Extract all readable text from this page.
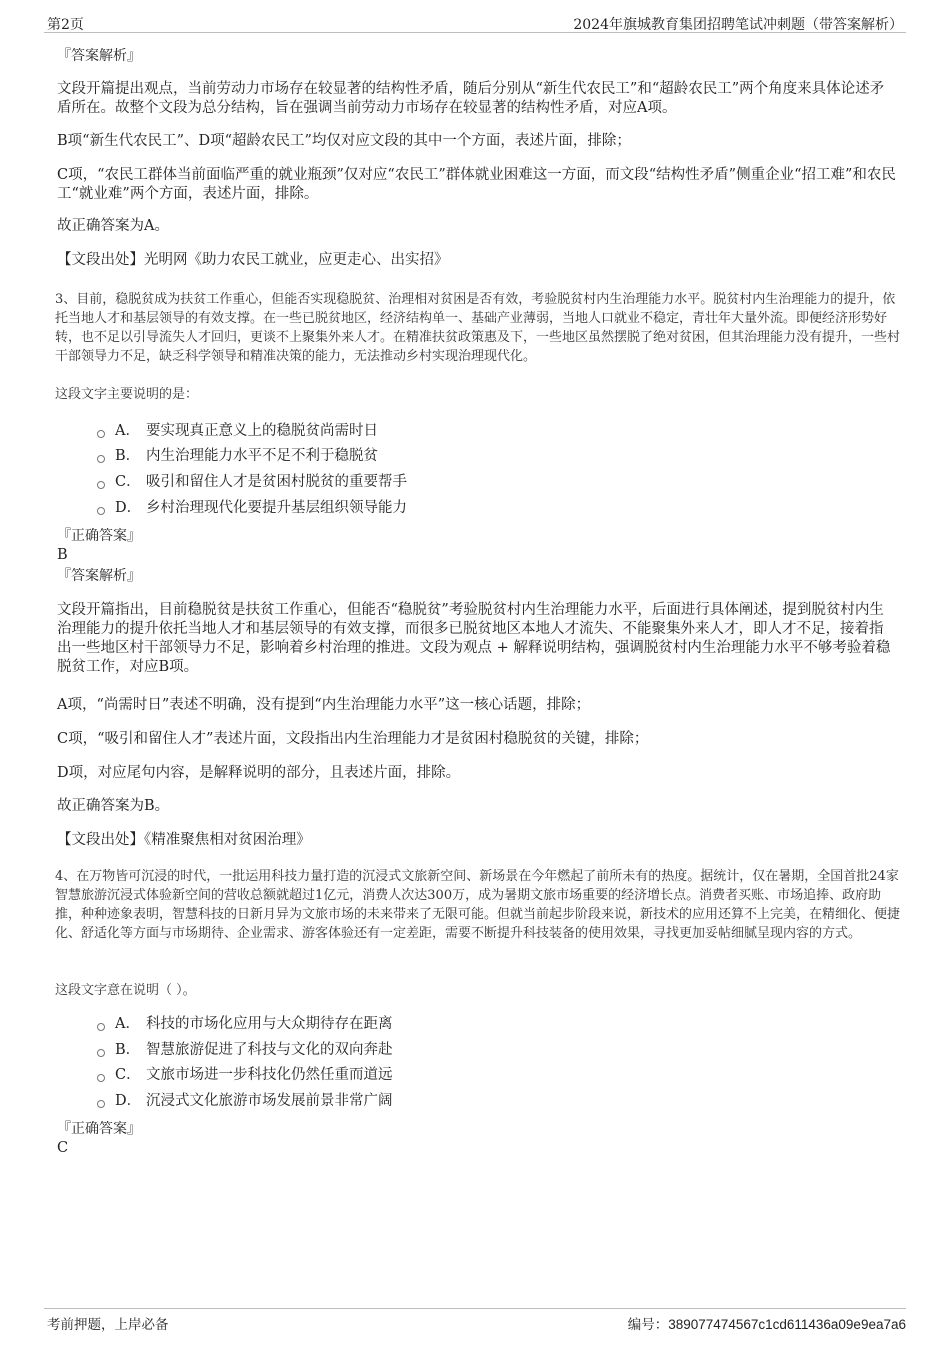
第2页	2024年旗城教育集团招聘笔试冲刺题（带答案解析）
『答案解析』

文段开篇提出观点，当前劳动力市场存在较显著的结构性矛盾，随后分别从“新生代农民工”和“超龄农民工”两个角度来具体论述矛盾所在。故整个文段为总分结构，旨在强调当前劳动力市场存在较显著的结构性矛盾，对应A项。

B项“新生代农民工”、D项“超龄农民工”均仅对应文段的其中一个方面，表述片面，排除；

C项，“农民工群体当前面临严重的就业瓶颈”仅对应“农民工”群体就业困难这一方面，而文段“结构性矛盾”侧重企业“招工难”和农民工“就业难”两个方面，表述片面，排除。

故正确答案为A。

【文段出处】光明网《助力农民工就业，应更走心、出实招》

3、目前，稳脱贫成为扶贫工作重心，但能否实现稳脱贫、治理相对贫困是否有效，考验脱贫村内生治理能力水平。脱贫村内生治理能力的提升，依托当地人才和基层领导的有效支撑。在一些已脱贫地区，经济结构单一、基础产业薄弱，当地人口就业不稳定，青壮年大量外流。即便经济形势好转，也不足以引导流失人才回归，更谈不上聚集外来人才。在精准扶贫政策惠及下，一些地区虽然摆脱了绝对贫困，但其治理能力没有提升，一些村干部领导力不足，缺乏科学领导和精准决策的能力，无法推动乡村实现治理现代化。

这段文字主要说明的是：

A． 要实现真正意义上的稳脱贫尚需时日
B． 内生治理能力水平不足不利于稳脱贫
C． 吸引和留住人才是贫困村脱贫的重要帮手
D． 乡村治理现代化要提升基层组织领导能力
『正确答案』
B
『答案解析』

文段开篇指出，目前稳脱贫是扶贫工作重心，但能否“稳脱贫”考验脱贫村内生治理能力水平，后面进行具体阐述，提到脱贫村内生治理能力的提升依托当地人才和基层领导的有效支撑，而很多已脱贫地区本地人才流失、不能聚集外来人才，即人才不足，接着指出一些地区村干部领导力不足，影响着乡村治理的推进。文段为观点 + 解释说明结构，强调脱贫村内生治理能力水平不够考验着稳脱贫工作，对应B项。

A项，“尚需时日”表述不明确，没有提到“内生治理能力水平”这一核心话题，排除；

C项，“吸引和留住人才”表述片面，文段指出内生治理能力才是贫困村稳脱贫的关键，排除；

D项，对应尾句内容，是解释说明的部分，且表述片面，排除。

故正确答案为B。

【文段出处】《精准聚焦相对贫困治理》

4、在万物皆可沉浸的时代，一批运用科技力量打造的沉浸式文旅新空间、新场景在今年燃起了前所未有的热度。据统计，仅在暑期，全国首批24家智慧旅游沉浸式体验新空间的营收总额就超过1亿元，消费人次达300万，成为暑期文旅市场重要的经济增长点。消费者买账、市场追捧、政府助推，种种迹象表明，智慧科技的日新月异为文旅市场的未来带来了无限可能。但就当前起步阶段来说，新技术的应用还算不上完美，在精细化、便捷化、舒适化等方面与市场期待、企业需求、游客体验还有一定差距，需要不断提升科技装备的使用效果，寻找更加妥帖细腻呈现内容的方式。

这段文字意在说明（ ）。

A． 科技的市场化应用与大众期待存在距离
B． 智慧旅游促进了科技与文化的双向奔赴
C． 文旅市场进一步科技化仍然任重而道远
D． 沉浸式文化旅游市场发展前景非常广阔
『正确答案』
C
考前押题，上岸必备	编号：389077474567c1cd611436a09e9ea7a6
